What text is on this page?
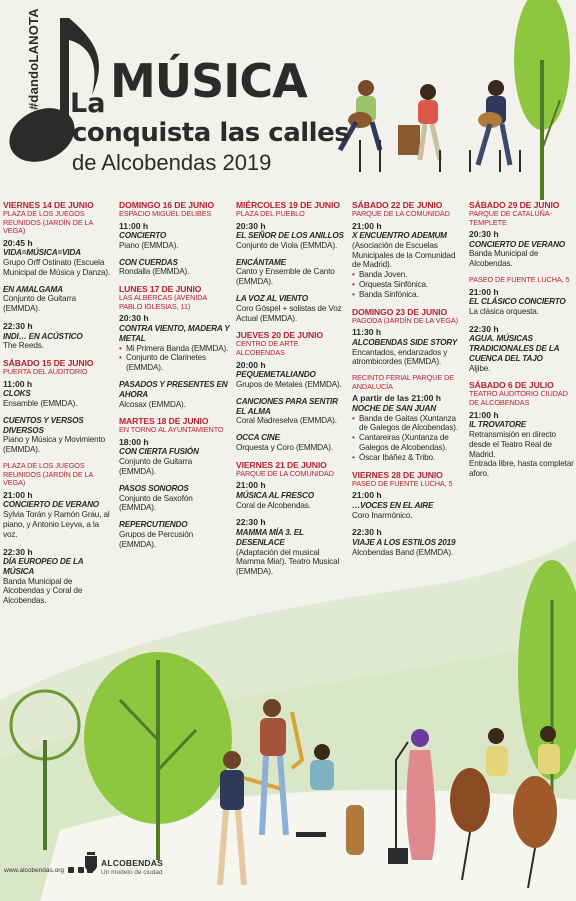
#dandoLANOTA La MÚSICA
conquista las calles
de Alcobendas 2019
VIERNES 14 DE JUNIO
PLAZA DE LOS JUEGOS REUNIDOS (JARDÍN DE LA VEGA)
20:45 h
VIDA=MÚSICA=VIDA
Grupo Orff Ostinato (Escuela Municipal de Música y Danza).
EN AMALGAMA
Conjunto de Guitarra (EMMDA).
22:30 h
INDI… EN ACÚSTICO
The Reeds.
SÁBADO 15 DE JUNIO
PUERTA DEL AUDITORIO
11:00 h
CLOKS
Ensamble (EMMDA).
CUENTOS Y VERSOS DIVERSOS
Piano y Música y Movimiento (EMMDA).
PLAZA DE LOS JUEGOS REUNIDOS (JARDÍN DE LA VEGA)
21:00 h
CONCIERTO DE VERANO
Sylvia Torán y Ramón Grau, al piano, y Antonio Leyva, a la voz.
22:30 h
DÍA EUROPEO DE LA MÚSICA
Banda Municipal de Alcobendas y Coral de Alcobendas.
DOMINGO 16 DE JUNIO
ESPACIO MIGUEL DELIBES
11:00 h
CONCIERTO
Piano (EMMDA).
CON CUERDAS
Rondalla (EMMDA).
LUNES 17 DE JUNIO
LAS ALBERCAS (AVENIDA PABLO IGLESIAS, 11)
20:30 h
CONTRA VIENTO, MADERA Y METAL
• Mi Primera Banda (EMMDA).
• Conjunto de Clarinetes (EMMDA).
PASADOS Y PRESENTES EN AHORA
Alcosax (EMMDA).
MARTES 18 DE JUNIO
EN TORNO AL AYUNTAMIENTO
18:00 h
CON CIERTA FUSIÓN
Conjunto de Guitarra (EMMDA).
PASOS SONOROS
Conjunto de Saxofón (EMMDA).
REPERCUTIENDO
Grupos de Percusión (EMMDA).
MIÉRCOLES 19 DE JUNIO
PLAZA DEL PUEBLO
20:30 h
EL SEÑOR DE LOS ANILLOS
Conjunto de Viola (EMMDA).
ENCÁNTAME
Canto y Ensemble de Canto (EMMDA).
LA VOZ AL VIENTO
Coro Góspel + solistas de Voz Actual (EMMDA).
JUEVES 20 DE JUNIO
CENTRO DE ARTE ALCOBENDAS
20:00 h
PEQUEMETALIANDO
Grupos de Metales (EMMDA).
CANCIONES PARA SENTIR EL ALMA
Coral Madreselva (EMMDA).
OCCA CINE
Orquesta y Coro (EMMDA).
VIERNES 21 DE JUNIO
PARQUE DE LA COMUNIDAD
21:00 h
MÚSICA AL FRESCO
Coral de Alcobendas.
22:30 h
MAMMA MÍA 3. EL DESENLACE
(Adaptación del musical Mamma Mia!). Teatro Musical (EMMDA).
SÁBADO 22 DE JUNIO
PARQUE DE LA COMUNIDAD
21:00 h
X ENCUENTRO ADEMUM
(Asociación de Escuelas Municipales de la Comunidad de Madrid).
• Banda Joven.
• Orquesta Sinfónica.
• Banda Sinfónica.
DOMINGO 23 DE JUNIO
PAGODA (JARDÍN DE LA VEGA)
11:30 h
ALCOBENDAS SIDE STORY
Encantados, endanzados y atrombicordes (EMMDA).
RECINTO FERIAL PARQUE DE ANDALUCÍA
A partir de las 21:00 h
NOCHE DE SAN JUAN
• Banda de Gaitas (Xuntanza de Galegos de Alcobendas).
• Cantareiras (Xuntanza de Galegos de Alcobendas).
• Óscar Ibáñez & Tribo.
VIERNES 28 DE JUNIO
PASEO DE FUENTE LUCHA, 5
21:00 h
…VOCES EN EL AIRE
Coro Inarmónico.
22:30 h
VIAJE A LOS ESTILOS 2019
Alcobendas Band (EMMDA).
SÁBADO 29 DE JUNIO
PARQUE DE CATALUÑA-TEMPLETE
20:30 h
CONCIERTO DE VERANO
Banda Municipal de Alcobendas.
PASEO DE FUENTE LUCHA, 5
21:00 h
EL CLÁSICO CONCIERTO
La clásica orquesta.
22:30 h
AGUA. MÚSICAS TRADICIONALES DE LA CUENCA DEL TAJO
Aljibe.
SÁBADO 6 DE JULIO
TEATRO AUDITORIO CIUDAD DE ALCOBENDAS
21:00 h
IL TROVATORE
Retransmisión en directo desde el Teatro Real de Madrid.
Entrada libre, hasta completar aforo.
www.alcobendas.org
ALCOBENDAS
Un modelo de ciudad
